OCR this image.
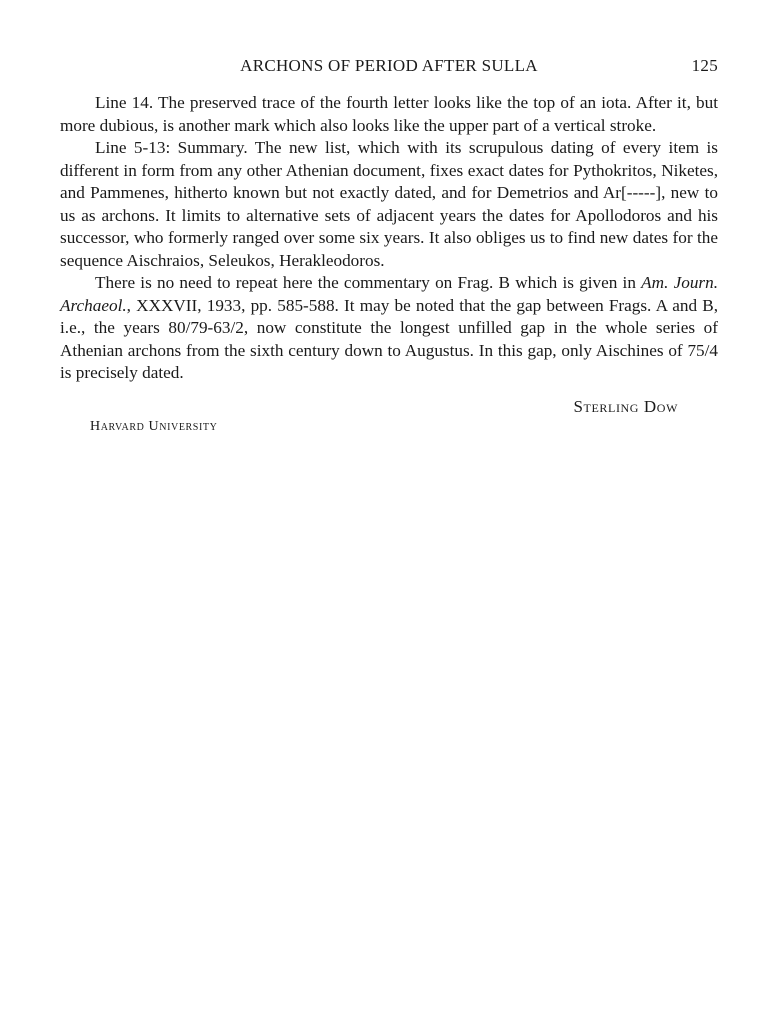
ARCHONS OF PERIOD AFTER SULLA	125

Line 14. The preserved trace of the fourth letter looks like the top of an iota. After it, but more dubious, is another mark which also looks like the upper part of a vertical stroke.

Line 5-13: Summary. The new list, which with its scrupulous dating of every item is different in form from any other Athenian document, fixes exact dates for Pythokritos, Niketes, and Pammenes, hitherto known but not exactly dated, and for Demetrios and Ar[-----], new to us as archons. It limits to alternative sets of adjacent years the dates for Apollodoros and his successor, who formerly ranged over some six years. It also obliges us to find new dates for the sequence Aischraios, Seleukos, Herakleodoros.

There is no need to repeat here the commentary on Frag. B which is given in Am. Journ. Archaeol., XXXVII, 1933, pp. 585-588. It may be noted that the gap between Frags. A and B, i.e., the years 80/79-63/2, now constitute the longest unfilled gap in the whole series of Athenian archons from the sixth century down to Augustus. In this gap, only Aischines of 75/4 is precisely dated.

Sterling Dow
Harvard University
